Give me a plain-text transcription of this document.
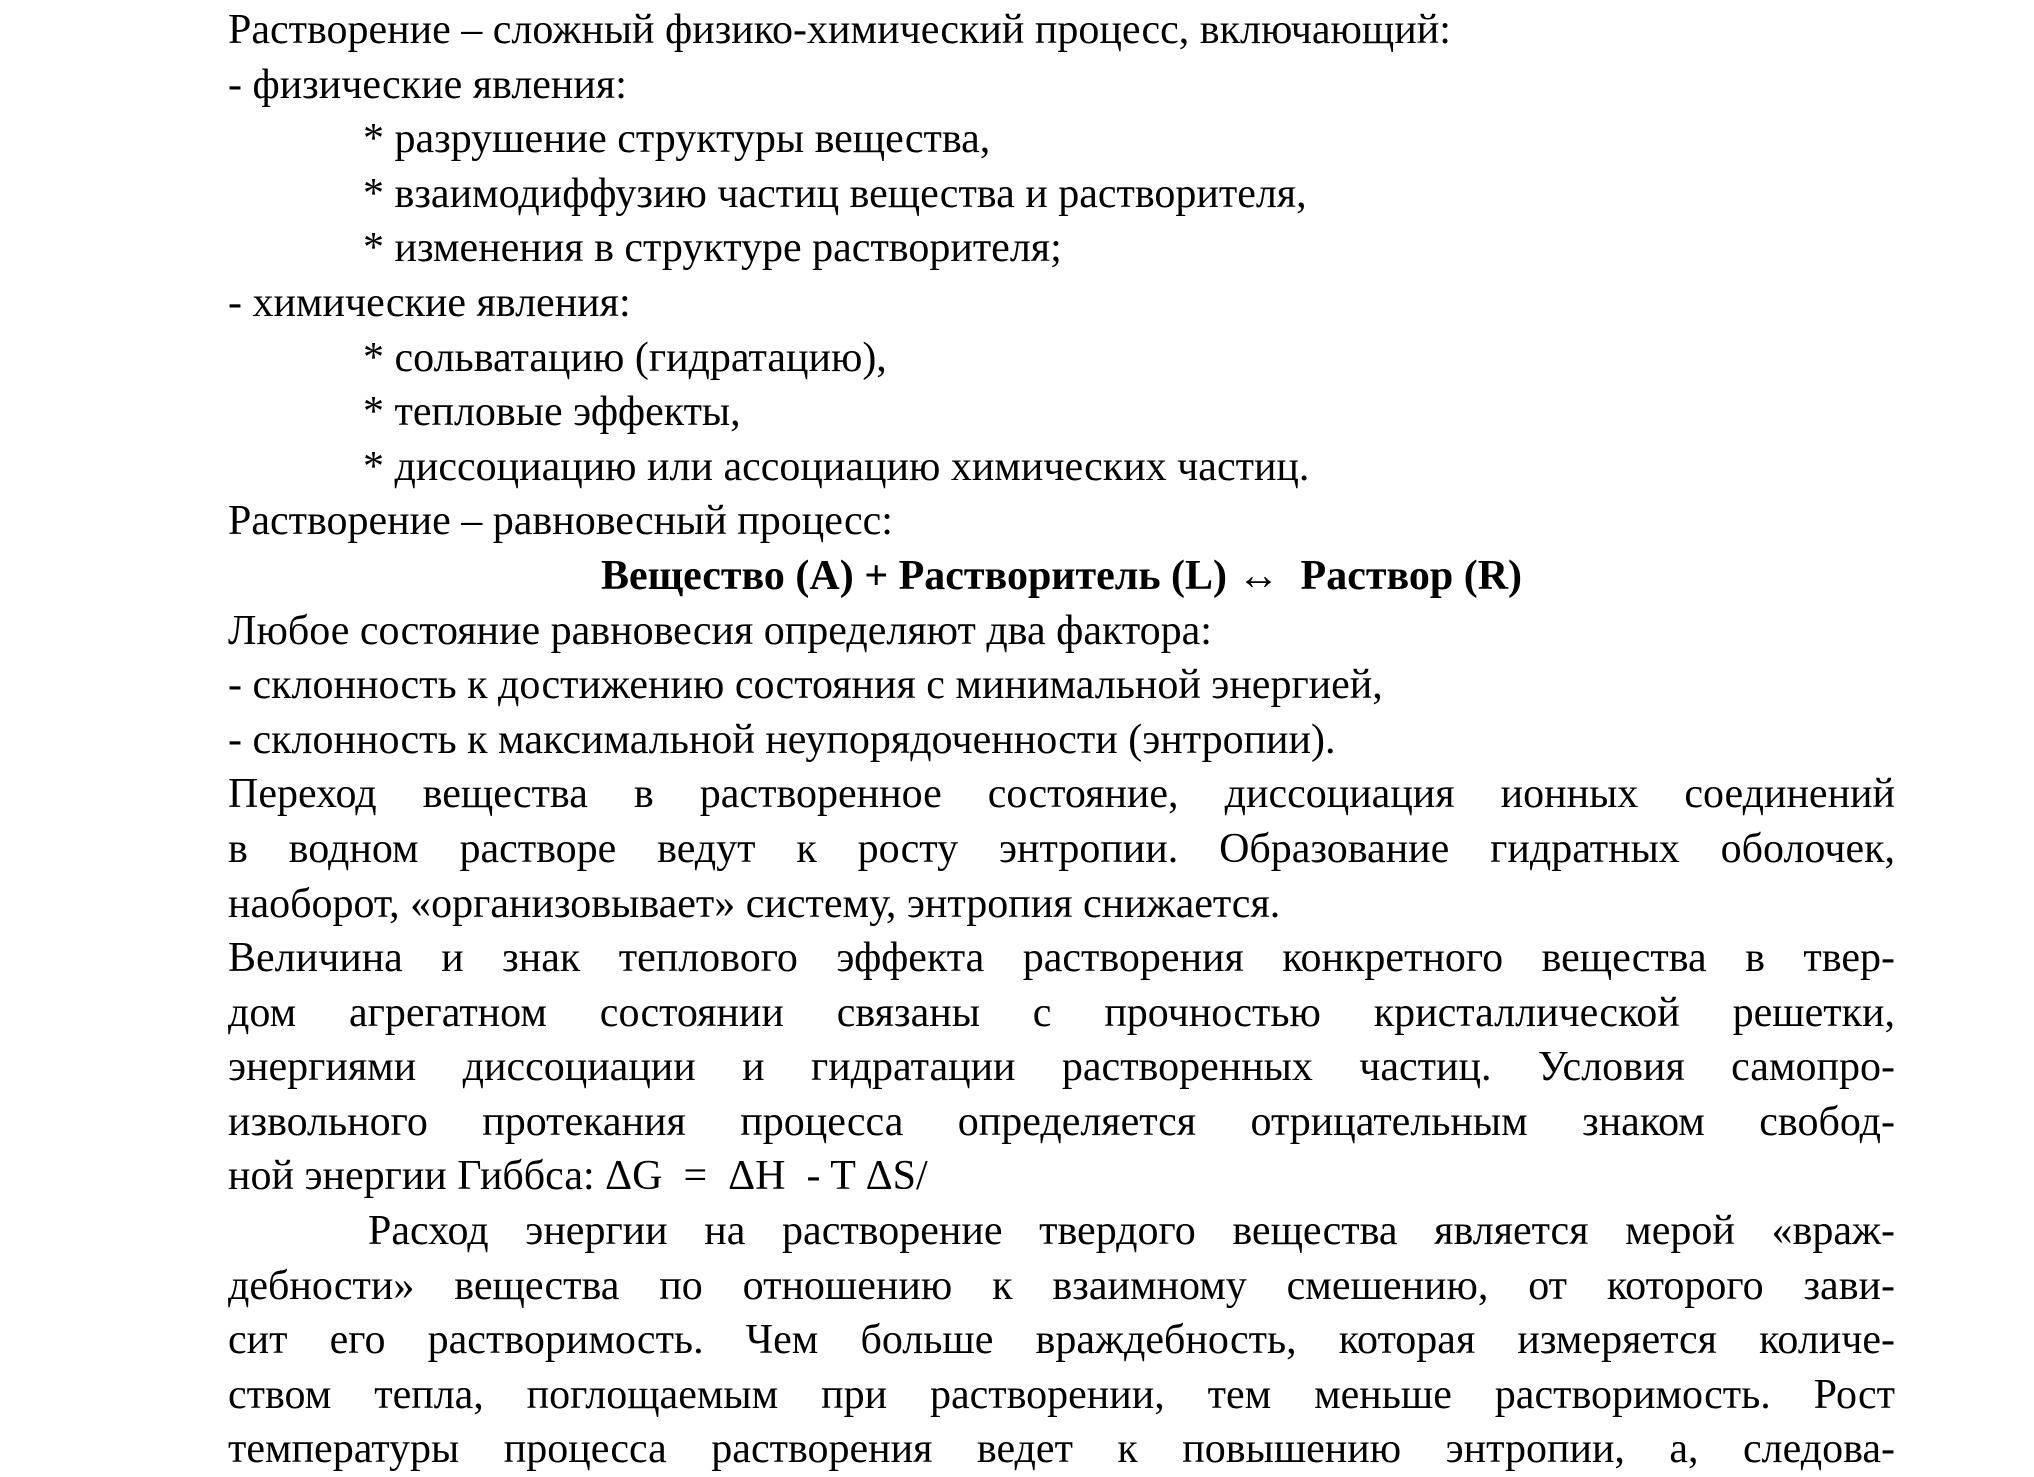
Растворение – сложный физико-химический процесс, включающий:
- физические явления:
* разрушение структуры вещества,
* взаимодиффузию частиц вещества и растворителя,
* изменения в структуре растворителя;
- химические явления:
* сольватацию (гидратацию),
* тепловые эффекты,
* диссоциацию или ассоциацию химических частиц.
Растворение – равновесный процесс:
Вещество (А) + Растворитель (L) ↔  Раствор (R)
Любое состояние равновесия определяют два фактора:
- склонность к достижению состояния с минимальной энергией,
- склонность к максимальной неупорядоченности (энтропии).
Переход вещества в растворенное состояние, диссоциация ионных соединений
в водном растворе ведут к росту энтропии. Образование гидратных оболочек,
наоборот, «организовывает» систему, энтропия снижается.
Величина и знак теплового эффекта растворения конкретного вещества в твер-
дом агрегатном состоянии связаны с прочностью кристаллической решетки,
энергиями диссоциации и гидратации растворенных частиц. Условия самопро-
извольного протекания процесса определяется отрицательным знаком свобод-
ной энергии Гиббса: ΔG  =  ΔH  - T ΔS/
Расход энергии на растворение твердого вещества является мерой «враж-
дебности» вещества по отношению к взаимному смешению, от которого зави-
сит его растворимость. Чем больше враждебность, которая измеряется количе-
ством тепла, поглощаемым при растворении, тем меньше растворимость. Рост
температуры процесса растворения ведет к повышению энтропии, а, следова-
